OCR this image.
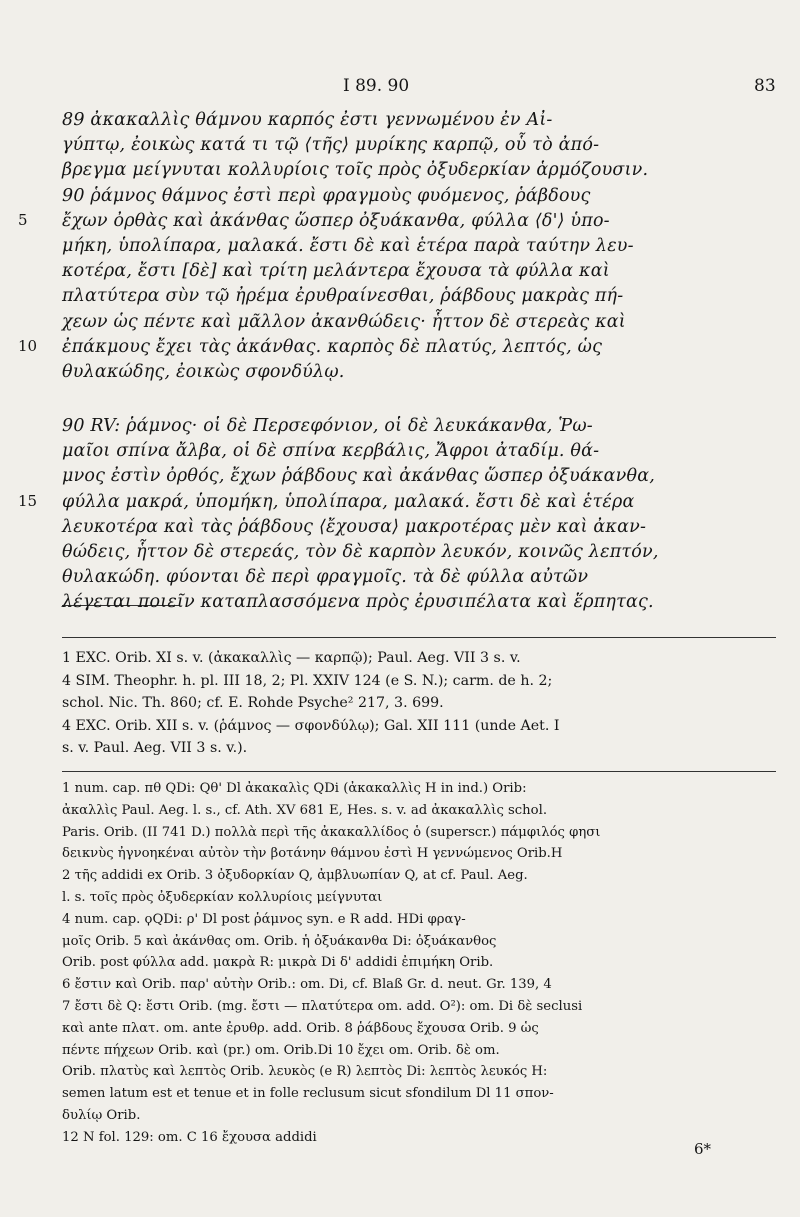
I 89. 90	83
89 ἀκακαλλὶς θάμνου καρπός ἐστι γεννωμένου ἐν Αἰ-
γύπτῳ, ἐοικὼς κατά τι τῷ ⟨τῆς⟩ μυρίκης καρπῷ, οὗ τὸ ἀπό-
βρεγμα μείγνυται κολλυρίοις τοῖς πρὸς ὀξυδερκίαν ἁρμόζουσιν.
90 ῥάμνος θάμνος ἐστὶ περὶ φραγμοὺς φυόμενος, ῥάβδους
5 ἔχων ὀρθὰς καὶ ἀκάνθας ὥσπερ ὀξυάκανθα, φύλλα ⟨δ'⟩ ὑπο-
μήκη, ὑπολίπαρα, μαλακά. ἔστι δὲ καὶ ἑτέρα παρὰ ταύτην λευ-
κοτέρα, ἔστι [δὲ] καὶ τρίτη μελάντερα ἔχουσα τὰ φύλλα καὶ
πλατύτερα σὺν τῷ ἠρέμα ἐρυθραίνεσθαι, ῥάβδους μακρὰς πή-
χεων ὡς πέντε καὶ μᾶλλον ἀκανθώδεις· ἧττον δὲ στερεὰς καὶ
10 ἐπάκμους ἔχει τὰς ἀκάνθας. καρπὸς δὲ πλατύς, λεπτός, ὡς
θυλακώδης, ἐοικὼς σφονδύλῳ.
90 RV: ῥάμνος· οἱ δὲ Περσεφόνιον, οἱ δὲ λευκάκανθα, Ῥω-
μαῖοι σπίνα ἄλβα, οἱ δὲ σπίνα κερβάλις, Ἄφροι ἀταδίμ. θά-
μνος ἐστὶν ὀρθός, ἔχων ῥάβδους καὶ ἀκάνθας ὥσπερ ὀξυάκανθα,
15 φύλλα μακρά, ὑπομήκη, ὑπολίπαρα, μαλακά. ἔστι δὲ καὶ ἑτέρα
λευκοτέρα καὶ τὰς ῥάβδους ⟨ἔχουσα⟩ μακροτέρας μὲν καὶ ἀκαν-
θώδεις, ἧττον δὲ στερεάς, τὸν δὲ καρπὸν λευκόν, κοινῶς λεπτόν,
θυλακώδη. φύονται δὲ περὶ φραγμοῖς. τὰ δὲ φύλλα αὐτῶν
λέγεται ποιεῖν καταπλασσόμενα πρὸς ἐρυσιπέλατα καὶ ἕρπητας.
1 EXC. Orib. XI s. v. (ἀκακαλλὶς — καρπῷ); Paul. Aeg. VII 3 s. v.
4 SIM. Theophr. h. pl. III 18, 2; Pl. XXIV 124 (e S. N.); carm. de h. 2;
schol. Nic. Th. 860; cf. E. Rohde Psyche² 217, 3. 699.
4 EXC. Orib. XII s. v. (ῥάμνος — σφονδύλῳ); Gal. XII 111 (unde Aet. I
s. v. Paul. Aeg. VII 3 s. v.).
1 num. cap. πθ QDi: Qθ' Dl ἀκακαλὶς QDi (ἀκακαλλὶς H in ind.) Orib:
ἀκαλλὶς Paul. Aeg. l. s., cf. Ath. XV 681 E, Hes. s. v. ad ἀκακαλλὶς schol.
Paris. Orib. (II 741 D.) πολλὰ περὶ τῆς ἀκακαλλίδος ὁ (superscr.) πάμφιλός φησι
δεικνὺς ἠγνοηκέναι αὐτὸν τὴν βοτάνην θάμνου ἐστὶ H γεννώμενος Orib.H
2 τῆς addidi ex Orib. 3 ὀξυδορκίαν Q, ἀμβλυωπίαν Q, at cf. Paul. Aeg.
l. s. τοῖς πρὸς ὀξυδερκίαν κολλυρίοις μείγνυται
4 num. cap. ϙQDi: ρ' Dl post ῥάμνος syn. e R add. HDi φραγ-
μοῖς Orib. 5 καὶ ἀκάνθας om. Orib. ἡ ὀξυάκανθα Di: ὀξυάκανθος
Orib. post φύλλα add. μακρὰ R: μικρὰ Di δ' addidi ἐπιμήκη Orib.
6 ἔστιν καὶ Orib. παρ' αὐτὴν Orib.: om. Di, cf. Blaß Gr. d. neut. Gr. 139, 4
7 ἔστι δὲ Q: ἔστι Orib. (mg. ἔστι — πλατύτερα om. add. O²): om. Di δὲ seclusi
καὶ ante πλατ. om. ante ἐρυθρ. add. Orib. 8 ῥάβδους ἔχουσα Orib. 9 ὡς
πέντε πήχεων Orib. καὶ (pr.) om. Orib.Di 10 ἔχει om. Orib. δὲ om.
Orib. πλατὺς καὶ λεπτὸς Orib. λευκὸς (e R) λεπτὸς Di: λεπτὸς λευκός H:
semen latum est et tenue et in folle reclusum sicut sfondilum Dl 11 σπον-
δυλίῳ Orib.
12 N fol. 129: om. C 16 ἔχουσα addidi
6*
